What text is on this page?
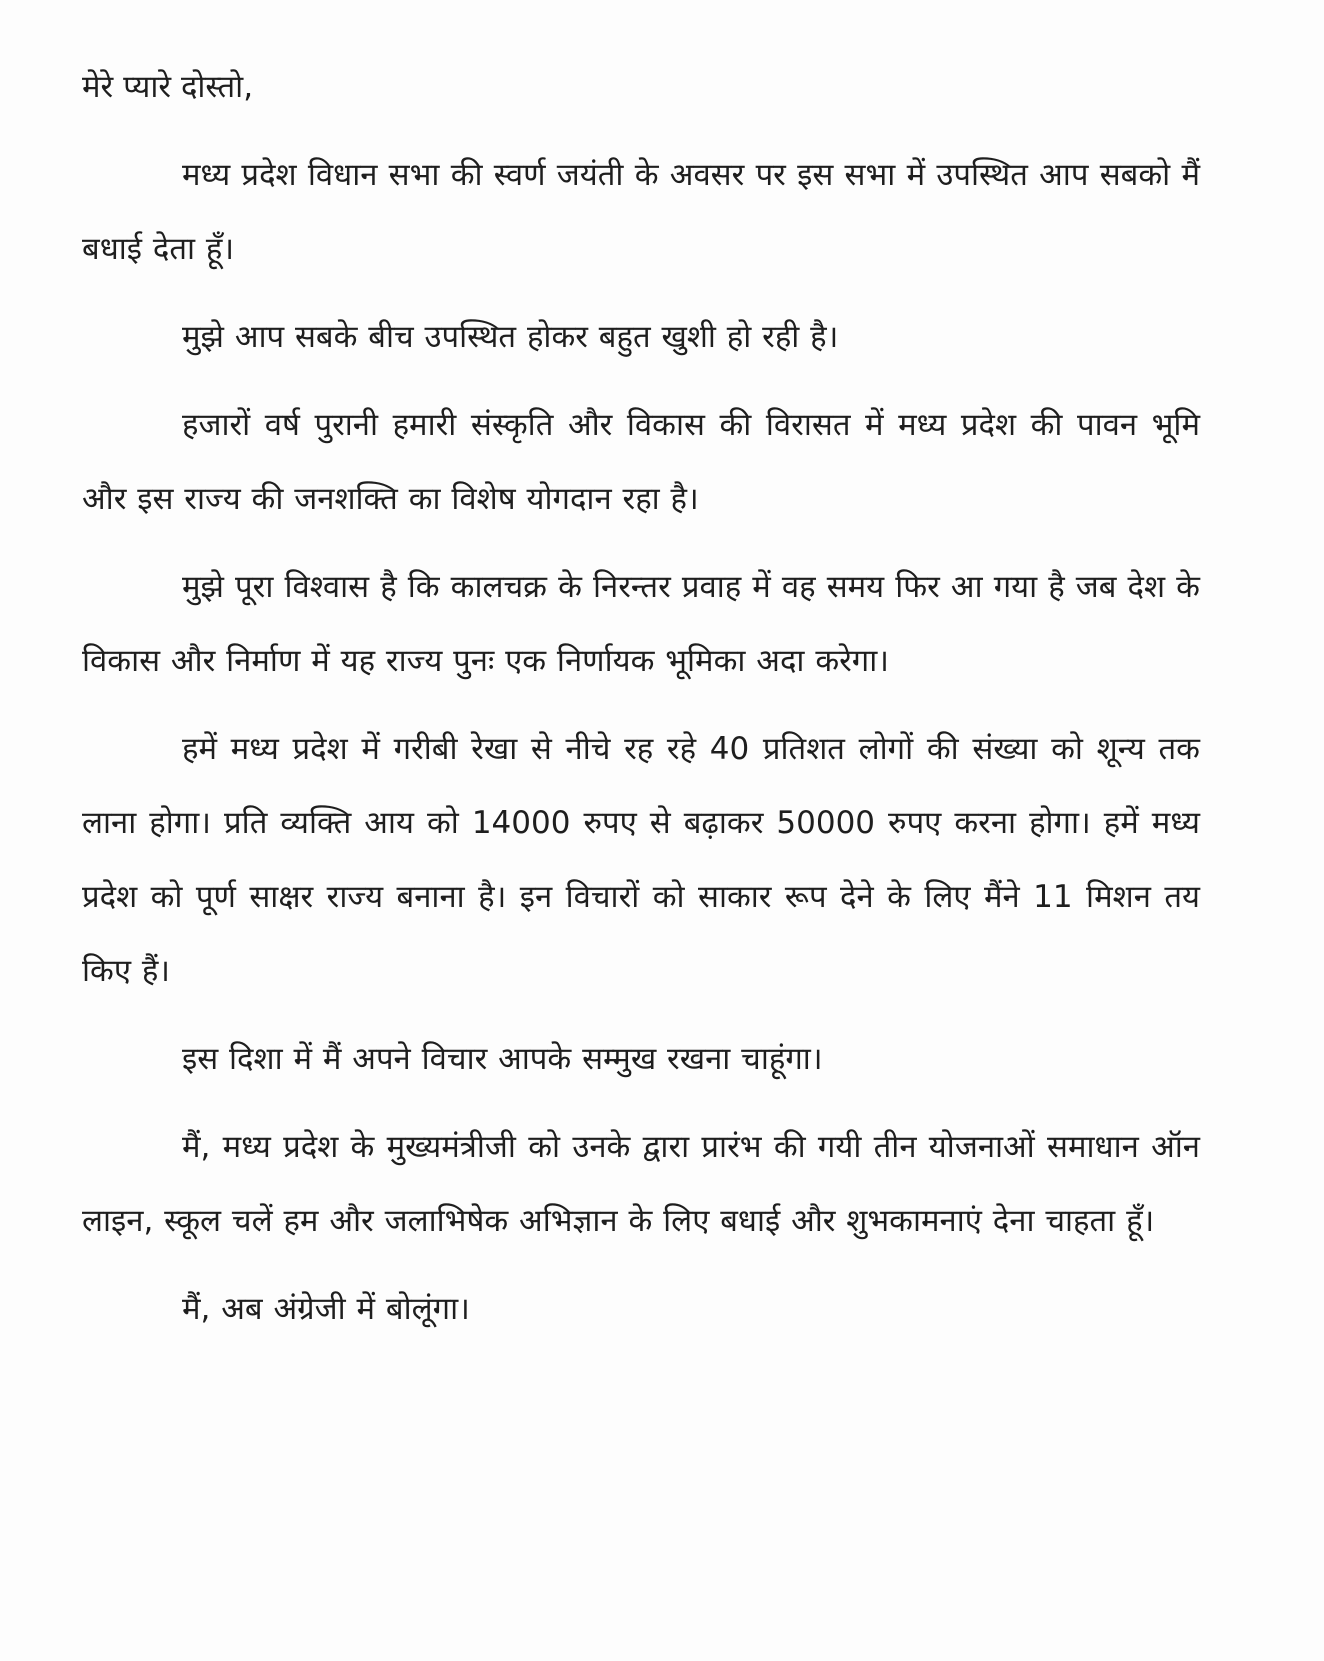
मेरे प्यारे दोस्तो,

मध्य प्रदेश विधान सभा की स्वर्ण जयंती के अवसर पर इस सभा में उपस्थित आप सबको मैं बधाई देता हूँ।

मुझे आप सबके बीच उपस्थित होकर बहुत खुशी हो रही है।

हजारों वर्ष पुरानी हमारी संस्कृति और विकास की विरासत में मध्य प्रदेश की पावन भूमि और इस राज्य की जनशक्ति का विशेष योगदान रहा है।

मुझे पूरा विश्वास है कि कालचक्र के निरन्तर प्रवाह में वह समय फिर आ गया है जब देश के विकास और निर्माण में यह राज्य पुनः एक निर्णायक भूमिका अदा करेगा।

हमें मध्य प्रदेश में गरीबी रेखा से नीचे रह रहे 40 प्रतिशत लोगों की संख्या को शून्य तक लाना होगा। प्रति व्यक्ति आय को 14000 रुपए से बढ़ाकर 50000 रुपए करना होगा। हमें मध्य प्रदेश को पूर्ण साक्षर राज्य बनाना है। इन विचारों को साकार रूप देने के लिए मैंने 11 मिशन तय किए हैं।

इस दिशा में मैं अपने विचार आपके सम्मुख रखना चाहूंगा।

मैं, मध्य प्रदेश के मुख्यमंत्रीजी को उनके द्वारा प्रारंभ की गयी तीन योजनाओं समाधान ऑन लाइन, स्कूल चलें हम और जलाभिषेक अभिज्ञान के लिए बधाई और शुभकामनाएं देना चाहता हूँ।

मैं, अब अंग्रेजी में बोलूंगा।
